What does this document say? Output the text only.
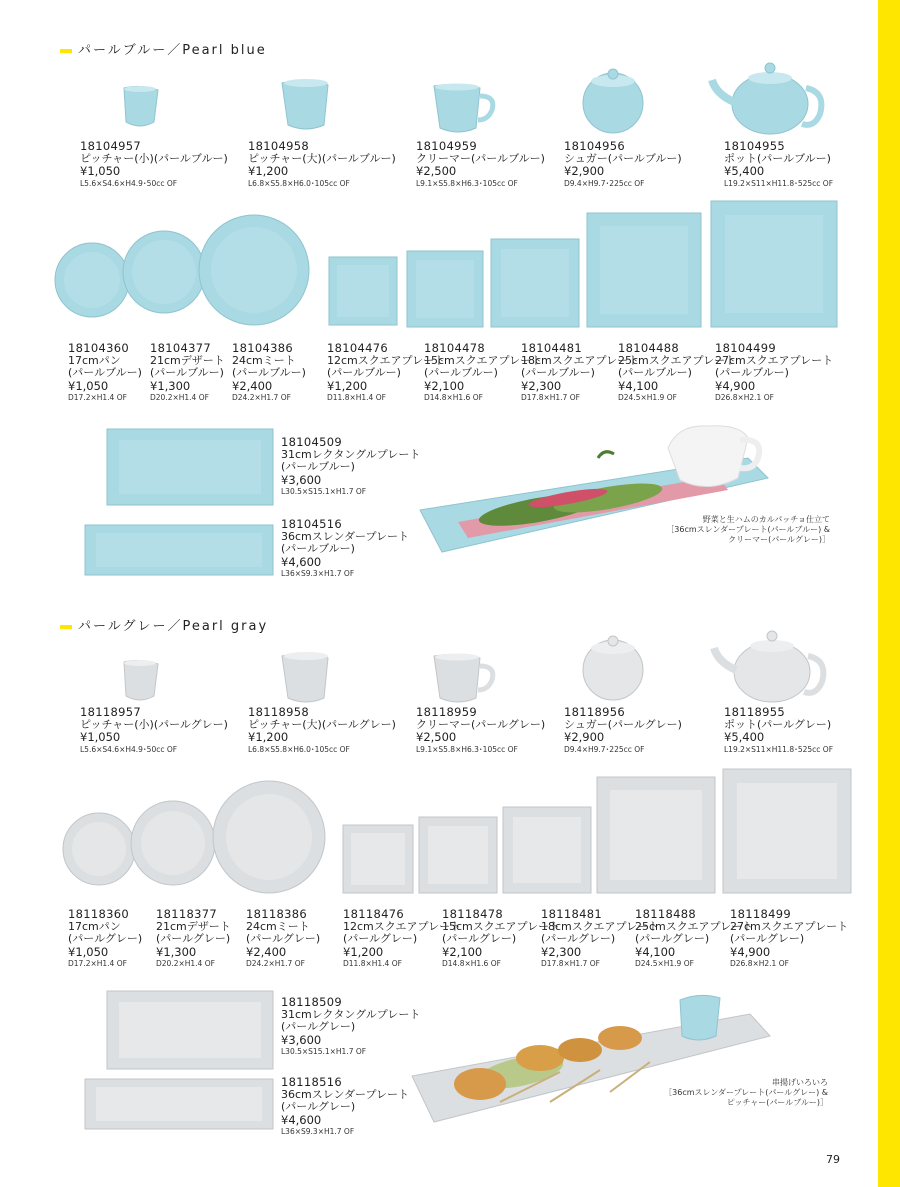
パールブルー／Pearl blue
18104957
ピッチャー(小)(パールブルー)
¥1,050
L5.6×S4.6×H4.9･50cc OF
18104958
ピッチャー(大)(パールブルー)
¥1,200
L6.8×S5.8×H6.0･105cc OF
18104959
クリーマー(パールブルー)
¥2,500
L9.1×S5.8×H6.3･105cc OF
18104956
シュガー(パールブルー)
¥2,900
D9.4×H9.7･225cc OF
18104955
ポット(パールブルー)
¥5,400
L19.2×S11×H11.8･525cc OF
18104360
17cmパン
(パールブルー)
¥1,050
D17.2×H1.4 OF
18104377
21cmデザート
(パールブルー)
¥1,300
D20.2×H1.4 OF
18104386
24cmミート
(パールブルー)
¥2,400
D24.2×H1.7 OF
18104476
12cmスクエアプレート
(パールブルー)
¥1,200
D11.8×H1.4 OF
18104478
15cmスクエアプレート
(パールブルー)
¥2,100
D14.8×H1.6 OF
18104481
18cmスクエアプレート
(パールブルー)
¥2,300
D17.8×H1.7 OF
18104488
25cmスクエアプレート
(パールブルー)
¥4,100
D24.5×H1.9 OF
18104499
27cmスクエアプレート
(パールブルー)
¥4,900
D26.8×H2.1 OF
18104509
31cmレクタングルプレート
(パールブルー)
¥3,600
L30.5×S15.1×H1.7 OF
18104516
36cmスレンダープレート
(パールブルー)
¥4,600
L36×S9.3×H1.7 OF
野菜と生ハムのカルパッチョ仕立て
［36cmスレンダープレート(パールブルー) &
クリーマー(パールグレー)］
パールグレー／Pearl gray
18118957
ピッチャー(小)(パールグレー)
¥1,050
L5.6×S4.6×H4.9･50cc OF
18118958
ピッチャー(大)(パールグレー)
¥1,200
L6.8×S5.8×H6.0･105cc OF
18118959
クリーマー(パールグレー)
¥2,500
L9.1×S5.8×H6.3･105cc OF
18118956
シュガー(パールグレー)
¥2,900
D9.4×H9.7･225cc OF
18118955
ポット(パールグレー)
¥5,400
L19.2×S11×H11.8･525cc OF
18118360
17cmパン
(パールグレー)
¥1,050
D17.2×H1.4 OF
18118377
21cmデザート
(パールグレー)
¥1,300
D20.2×H1.4 OF
18118386
24cmミート
(パールグレー)
¥2,400
D24.2×H1.7 OF
18118476
12cmスクエアプレート
(パールグレー)
¥1,200
D11.8×H1.4 OF
18118478
15cmスクエアプレート
(パールグレー)
¥2,100
D14.8×H1.6 OF
18118481
18cmスクエアプレート
(パールグレー)
¥2,300
D17.8×H1.7 OF
18118488
25cmスクエアプレート
(パールグレー)
¥4,100
D24.5×H1.9 OF
18118499
27cmスクエアプレート
(パールグレー)
¥4,900
D26.8×H2.1 OF
18118509
31cmレクタングルプレート
(パールグレー)
¥3,600
L30.5×S15.1×H1.7 OF
18118516
36cmスレンダープレート
(パールグレー)
¥4,600
L36×S9.3×H1.7 OF
串揚げいろいろ
［36cmスレンダープレート(パールグレー) &
ピッチャー(パールブルー)］
79
